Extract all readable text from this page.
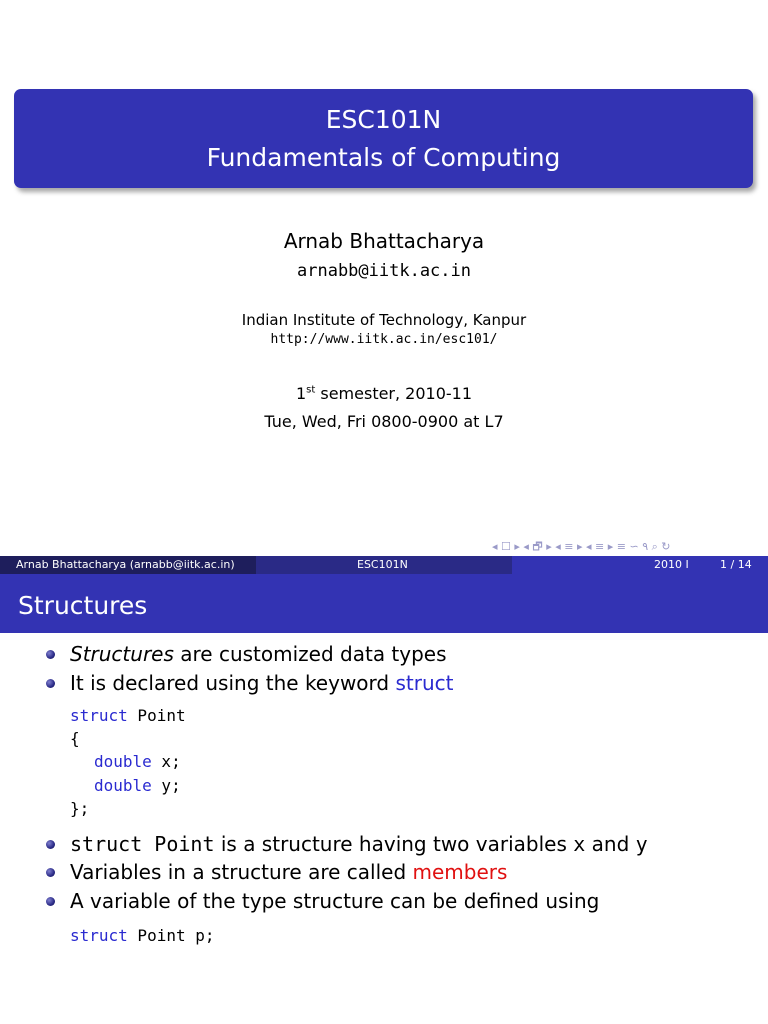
ESC101N
Fundamentals of Computing
Arnab Bhattacharya
arnabb@iitk.ac.in
Indian Institute of Technology, Kanpur
http://www.iitk.ac.in/esc101/
1st semester, 2010-11
Tue, Wed, Fri 0800-0900 at L7
◂ ☐ ▸ ◂ 🗗 ▸ ◂ ≡ ▸ ◂ ≡ ▸ ≡ ∽ ٩ ⌕ ↻
Arnab Bhattacharya (arnabb@iitk.ac.in)	ESC101N	2010 I	1 / 14
Structures
Structures are customized data types
It is declared using the keyword struct
struct Point
{
double x;
double y;
};
struct Point is a structure having two variables x and y
Variables in a structure are called members
A variable of the type structure can be defined using
struct Point p;
